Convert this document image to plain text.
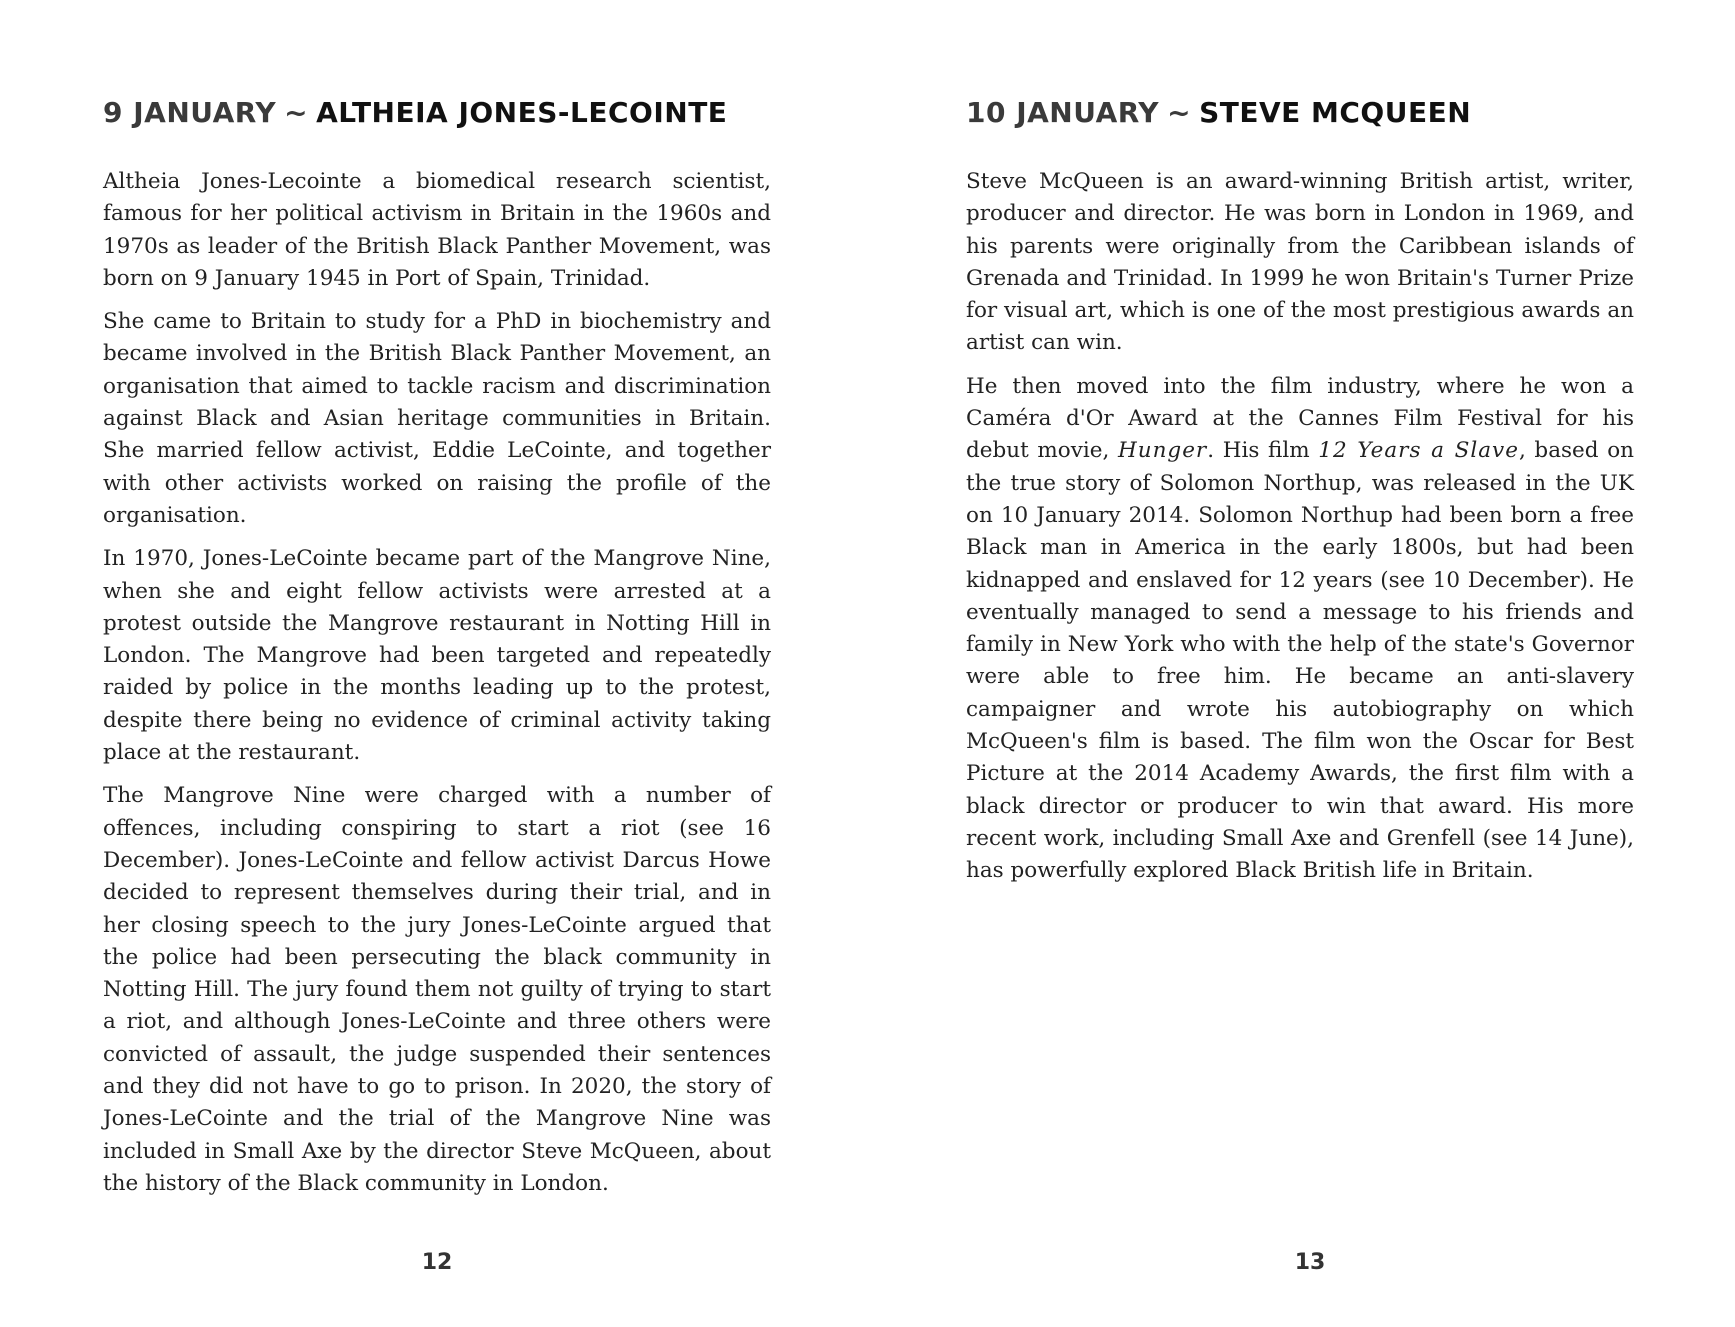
9 JANUARY ~ ALTHEIA JONES-LECOINTE

Altheia Jones-Lecointe a biomedical research scientist, famous for her political activism in Britain in the 1960s and 1970s as leader of the British Black Panther Movement, was born on 9 January 1945 in Port of Spain, Trinidad.

She came to Britain to study for a PhD in biochemistry and became involved in the British Black Panther Movement, an organisation that aimed to tackle racism and discrimination against Black and Asian heritage communities in Britain. She married fellow activist, Eddie LeCointe, and together with other activists worked on raising the profile of the organisation.

In 1970, Jones-LeCointe became part of the Mangrove Nine, when she and eight fellow activists were arrested at a protest outside the Mangrove restaurant in Notting Hill in London. The Mangrove had been targeted and repeatedly raided by police in the months leading up to the protest, despite there being no evidence of criminal activity taking place at the restaurant.

The Mangrove Nine were charged with a number of offences, including conspiring to start a riot (see 16 December). Jones-LeCointe and fellow activist Darcus Howe decided to represent themselves during their trial, and in her closing speech to the jury Jones-LeCointe argued that the police had been persecuting the black community in Notting Hill. The jury found them not guilty of trying to start a riot, and although Jones-LeCointe and three others were convicted of assault, the judge suspended their sentences and they did not have to go to prison. In 2020, the story of Jones-LeCointe and the trial of the Mangrove Nine was included in Small Axe by the director Steve McQueen, about the history of the Black community in London.

12
10 JANUARY ~ STEVE MCQUEEN

Steve McQueen is an award-winning British artist, writer, producer and director. He was born in London in 1969, and his parents were originally from the Caribbean islands of Grenada and Trinidad. In 1999 he won Britain's Turner Prize for visual art, which is one of the most prestigious awards an artist can win.

He then moved into the film industry, where he won a Caméra d'Or Award at the Cannes Film Festival for his debut movie, Hunger. His film 12 Years a Slave, based on the true story of Solomon Northup, was released in the UK on 10 January 2014. Solomon Northup had been born a free Black man in America in the early 1800s, but had been kidnapped and enslaved for 12 years (see 10 December). He eventually managed to send a message to his friends and family in New York who with the help of the state's Governor were able to free him. He became an anti-slavery campaigner and wrote his autobiography on which McQueen's film is based. The film won the Oscar for Best Picture at the 2014 Academy Awards, the first film with a black director or producer to win that award. His more recent work, including Small Axe and Grenfell (see 14 June), has powerfully explored Black British life in Britain.

13
